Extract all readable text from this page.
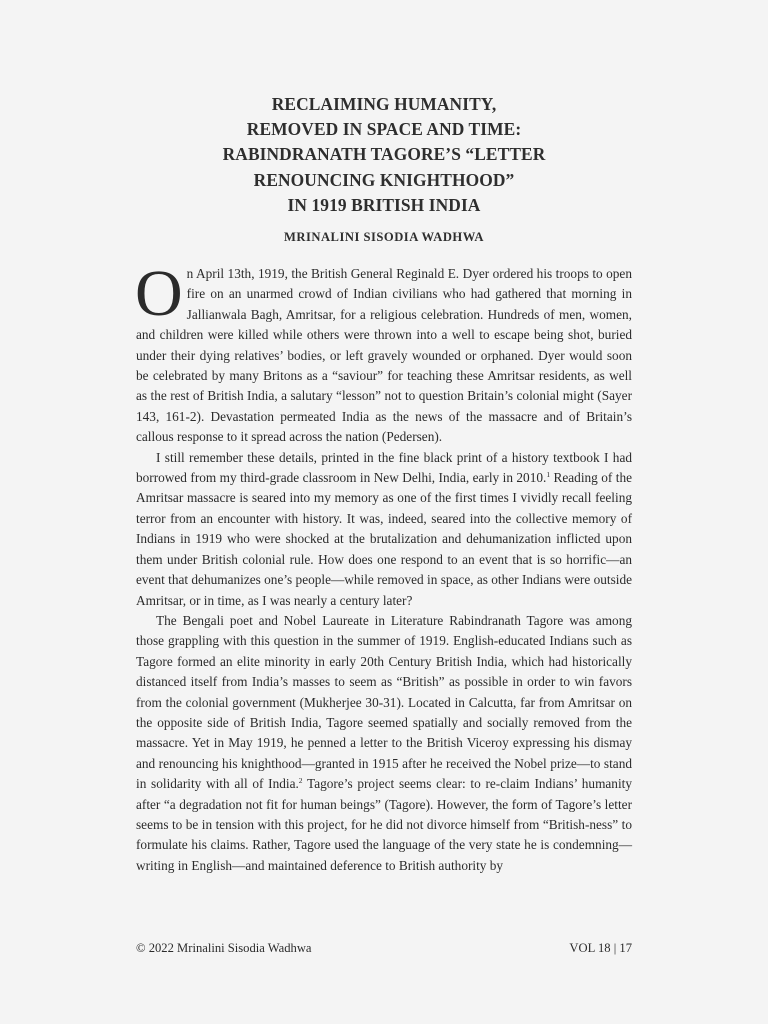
RECLAIMING HUMANITY,
REMOVED IN SPACE AND TIME:
RABINDRANATH TAGORE’S “LETTER
RENOUNCING KNIGHTHOOD”
IN 1919 BRITISH INDIA
MRINALINI SISODIA WADHWA

On April 13th, 1919, the British General Reginald E. Dyer ordered his troops to open fire on an unarmed crowd of Indian civilians who had gathered that morning in Jallianwala Bagh, Amritsar, for a religious celebration. Hundreds of men, women, and children were killed while others were thrown into a well to escape being shot, buried under their dying relatives’ bodies, or left gravely wounded or orphaned. Dyer would soon be celebrated by many Britons as a “saviour” for teaching these Amritsar residents, as well as the rest of British India, a salutary “lesson” not to question Britain’s colonial might (Sayer 143, 161-2). Devastation permeated India as the news of the massacre and of Britain’s callous response to it spread across the nation (Pedersen).

I still remember these details, printed in the fine black print of a history textbook I had borrowed from my third-grade classroom in New Delhi, India, early in 2010.$^1$ Reading of the Amritsar massacre is seared into my memory as one of the first times I vividly recall feeling terror from an encounter with history. It was, indeed, seared into the collective memory of Indians in 1919 who were shocked at the brutalization and dehumanization inflicted upon them under British colonial rule. How does one respond to an event that is so horrific—an event that dehumanizes one’s people—while removed in space, as other Indians were outside Amritsar, or in time, as I was nearly a century later?

The Bengali poet and Nobel Laureate in Literature Rabindranath Tagore was among those grappling with this question in the summer of 1919. English-educated Indians such as Tagore formed an elite minority in early 20th Century British India, which had historically distanced itself from India’s masses to seem as “British” as possible in order to win favors from the colonial government (Mukherjee 30-31). Located in Calcutta, far from Amritsar on the opposite side of British India, Tagore seemed spatially and socially removed from the massacre. Yet in May 1919, he penned a letter to the British Viceroy expressing his dismay and renouncing his knighthood—granted in 1915 after he received the Nobel prize—to stand in solidarity with all of India.$^2$ Tagore’s project seems clear: to re-claim Indians’ humanity after “a degradation not fit for human beings” (Tagore). However, the form of Tagore’s letter seems to be in tension with this project, for he did not divorce himself from “British-ness” to formulate his claims. Rather, Tagore used the language of the very state he is condemning—writing in English—and maintained deference to British authority by

© 2022 Mrinalini Sisodia Wadhwa	VOL 18 | 17
